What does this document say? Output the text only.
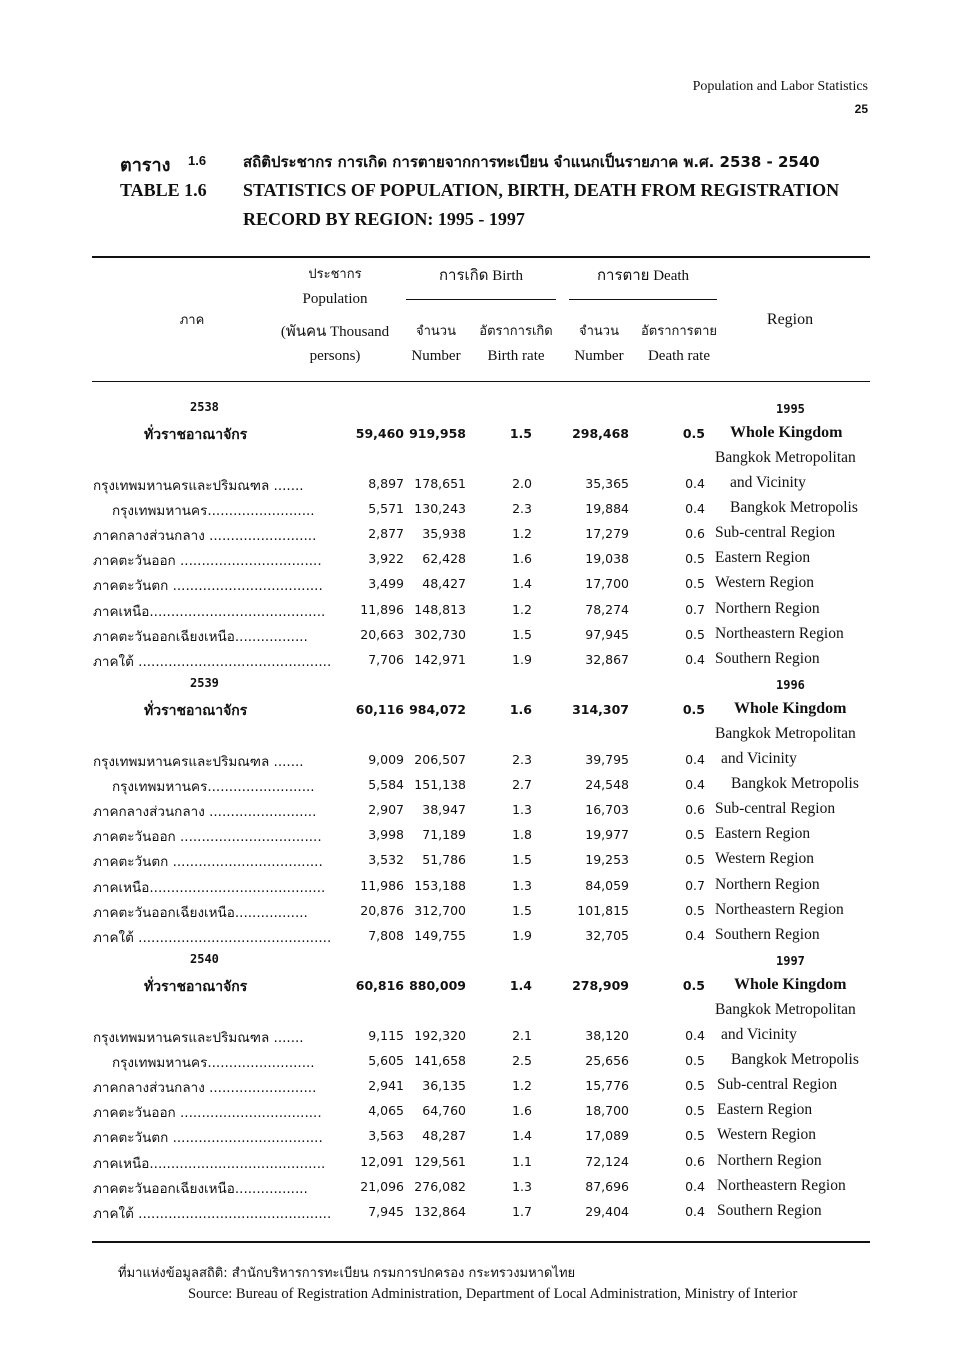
Population and Labor Statistics
25
ตาราง 1.6 สถิติประชากร การเกิด การตายจากการทะเบียน จำแนกเป็นรายภาค พ.ศ. 2538 - 2540
TABLE 1.6 STATISTICS OF POPULATION, BIRTH, DEATH FROM REGISTRATION
RECORD BY REGION: 1995 - 1997
ภาค
ประชากร
Population
(พันคน Thousand
persons)
การเกิด Birth
จำนวน
Number
อัตราการเกิด
Birth rate
การตาย Death
จำนวน
Number
อัตราการตาย
Death rate
Region
2538	1995
ทั่วราชอาณาจักร	59,460 919,958	1.5	298,468	0.5 Whole Kingdom
Bangkok Metropolitan
กรุงเทพมหานครและปริมณฑล .......	8,897 178,651	2.0	35,365	0.4 and Vicinity
กรุงเทพมหานคร.........................	5,571 130,243	2.3	19,884	0.4 Bangkok Metropolis
ภาคกลางส่วนกลาง .........................	2,877	35,938	1.2	17,279	0.6 Sub-central Region
ภาคตะวันออก .................................	3,922	62,428	1.6	19,038	0.5 Eastern Region
ภาคตะวันตก ...................................	3,499	48,427	1.4	17,700	0.5 Western Region
ภาคเหนือ.........................................	11,896 148,813	1.2	78,274	0.7 Northern Region
ภาคตะวันออกเฉียงเหนือ.................	20,663 302,730	1.5	97,945	0.5 Northeastern Region
ภาคใต้ .............................................	7,706 142,971	1.9	32,867	0.4 Southern Region
2539	1996
ทั่วราชอาณาจักร	60,116 984,072	1.6	314,307	0.5 Whole Kingdom
Bangkok Metropolitan
กรุงเทพมหานครและปริมณฑล .......	9,009 206,507	2.3	39,795	0.4 and Vicinity
กรุงเทพมหานคร.........................	5,584 151,138	2.7	24,548	0.4 Bangkok Metropolis
ภาคกลางส่วนกลาง .........................	2,907	38,947	1.3	16,703	0.6 Sub-central Region
ภาคตะวันออก .................................	3,998	71,189	1.8	19,977	0.5 Eastern Region
ภาคตะวันตก ...................................	3,532	51,786	1.5	19,253	0.5 Western Region
ภาคเหนือ.........................................	11,986 153,188	1.3	84,059	0.7 Northern Region
ภาคตะวันออกเฉียงเหนือ.................	20,876 312,700	1.5	101,815	0.5 Northeastern Region
ภาคใต้ .............................................	7,808 149,755	1.9	32,705	0.4 Southern Region
2540	1997
ทั่วราชอาณาจักร	60,816 880,009	1.4	278,909	0.5 Whole Kingdom
Bangkok Metropolitan
กรุงเทพมหานครและปริมณฑล .......	9,115 192,320	2.1	38,120	0.4 and Vicinity
กรุงเทพมหานคร.........................	5,605 141,658	2.5	25,656	0.5 Bangkok Metropolis
ภาคกลางส่วนกลาง .........................	2,941	36,135	1.2	15,776	0.5 Sub-central Region
ภาคตะวันออก .................................	4,065	64,760	1.6	18,700	0.5 Eastern Region
ภาคตะวันตก ...................................	3,563	48,287	1.4	17,089	0.5 Western Region
ภาคเหนือ.........................................	12,091 129,561	1.1	72,124	0.6 Northern Region
ภาคตะวันออกเฉียงเหนือ.................	21,096 276,082	1.3	87,696	0.4 Northeastern Region
ภาคใต้ .............................................	7,945 132,864	1.7	29,404	0.4 Southern Region
ที่มาแห่งข้อมูลสถิติ: สำนักบริหารการทะเบียน กรมการปกครอง กระทรวงมหาดไทย
Source: Bureau of Registration Administration, Department of Local Administration, Ministry of Interior
